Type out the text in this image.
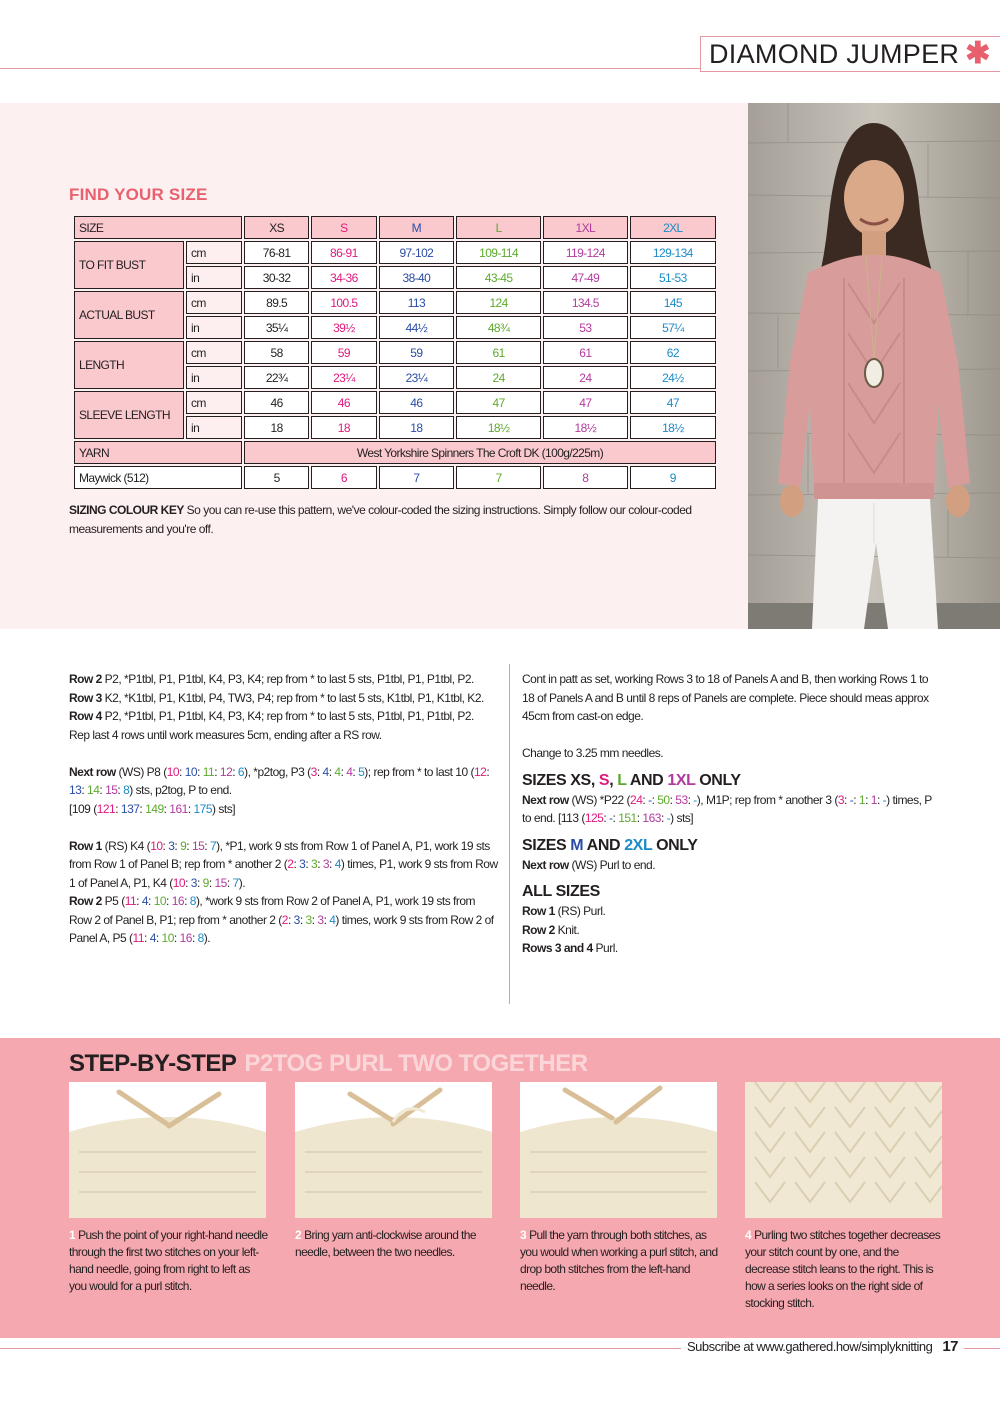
DIAMOND JUMPER ✱
FIND YOUR SIZE
SIZE		XS	S	M	L	1XL	2XL
TO FIT BUST	cm	76-81	86-91	97-102	109-114	119-124	129-134
	in	30-32	34-36	38-40	43-45	47-49	51-53
ACTUAL BUST	cm	89.5	100.5	113	124	134.5	145
	in	35¼	39½	44½	48¾	53	57¼
LENGTH	cm	58	59	59	61	61	62
	in	22¾	23¼	23¼	24	24	24½
SLEEVE LENGTH	cm	46	46	46	47	47	47
	in	18	18	18	18½	18½	18½
YARN		West Yorkshire Spinners The Croft DK (100g/225m)					
Maywick (512)		5	6	7	7	8	9
SIZING COLOUR KEY So you can re-use this pattern, we've colour-coded the sizing instructions. Simply follow our colour-coded measurements and you're off.

Row 2 P2, *P1tbl, P1, P1tbl, K4, P3, K4; rep from * to last 5 sts, P1tbl, P1, P1tbl, P2.

Row 3 K2, *K1tbl, P1, K1tbl, P4, TW3, P4; rep from * to last 5 sts, K1tbl, P1, K1tbl, K2.

Row 4 P2, *P1tbl, P1, P1tbl, K4, P3, K4; rep from * to last 5 sts, P1tbl, P1, P1tbl, P2.

Rep last 4 rows until work measures 5cm, ending after a RS row.

Next row (WS) P8 (10: 10: 11: 12: 6), *p2tog, P3 (3: 4: 4: 4: 5); rep from * to last 10 (12: 13: 14: 15: 8) sts, p2tog, P to end.
[109 (121: 137: 149: 161: 175) sts]

Row 1 (RS) K4 (10: 3: 9: 15: 7), *P1, work 9 sts from Row 1 of Panel A, P1, work 19 sts from Row 1 of Panel B; rep from * another 2 (2: 3: 3: 3: 4) times, P1, work 9 sts from Row 1 of Panel A, P1, K4 (10: 3: 9: 15: 7).

Row 2 P5 (11: 4: 10: 16: 8), *work 9 sts from Row 2 of Panel A, P1, work 19 sts from Row 2 of Panel B, P1; rep from * another 2 (2: 3: 3: 3: 4) times, work 9 sts from Row 2 of Panel A, P5 (11: 4: 10: 16: 8).

Cont in patt as set, working Rows 3 to 18 of Panels A and B, then working Rows 1 to 18 of Panels A and B until 8 reps of Panels are complete. Piece should meas approx 45cm from cast-on edge.

Change to 3.25 mm needles.

SIZES XS, S, L AND 1XL ONLY

Next row (WS) *P22 (24: -: 50: 53: -), M1P; rep from * another 3 (3: -: 1: 1: -) times, P to end. [113 (125: -: 151: 163: -) sts]

SIZES M AND 2XL ONLY

Next row (WS) Purl to end.

ALL SIZES

Row 1 (RS) Purl.

Row 2 Knit.

Rows 3 and 4 Purl.

STEP-BY-STEP P2TOG PURL TWO TOGETHER
1 Push the point of your right-hand needle through the first two stitches on your left-hand needle, going from right to left as you would for a purl stitch.
2 Bring yarn anti-clockwise around the needle, between the two needles.
3 Pull the yarn through both stitches, as you would when working a purl stitch, and drop both stitches from the left-hand needle.
4 Purling two stitches together decreases your stitch count by one, and the decrease stitch leans to the right. This is how a series looks on the right side of stocking stitch.
Subscribe at www.gathered.how/simplyknitting 17
